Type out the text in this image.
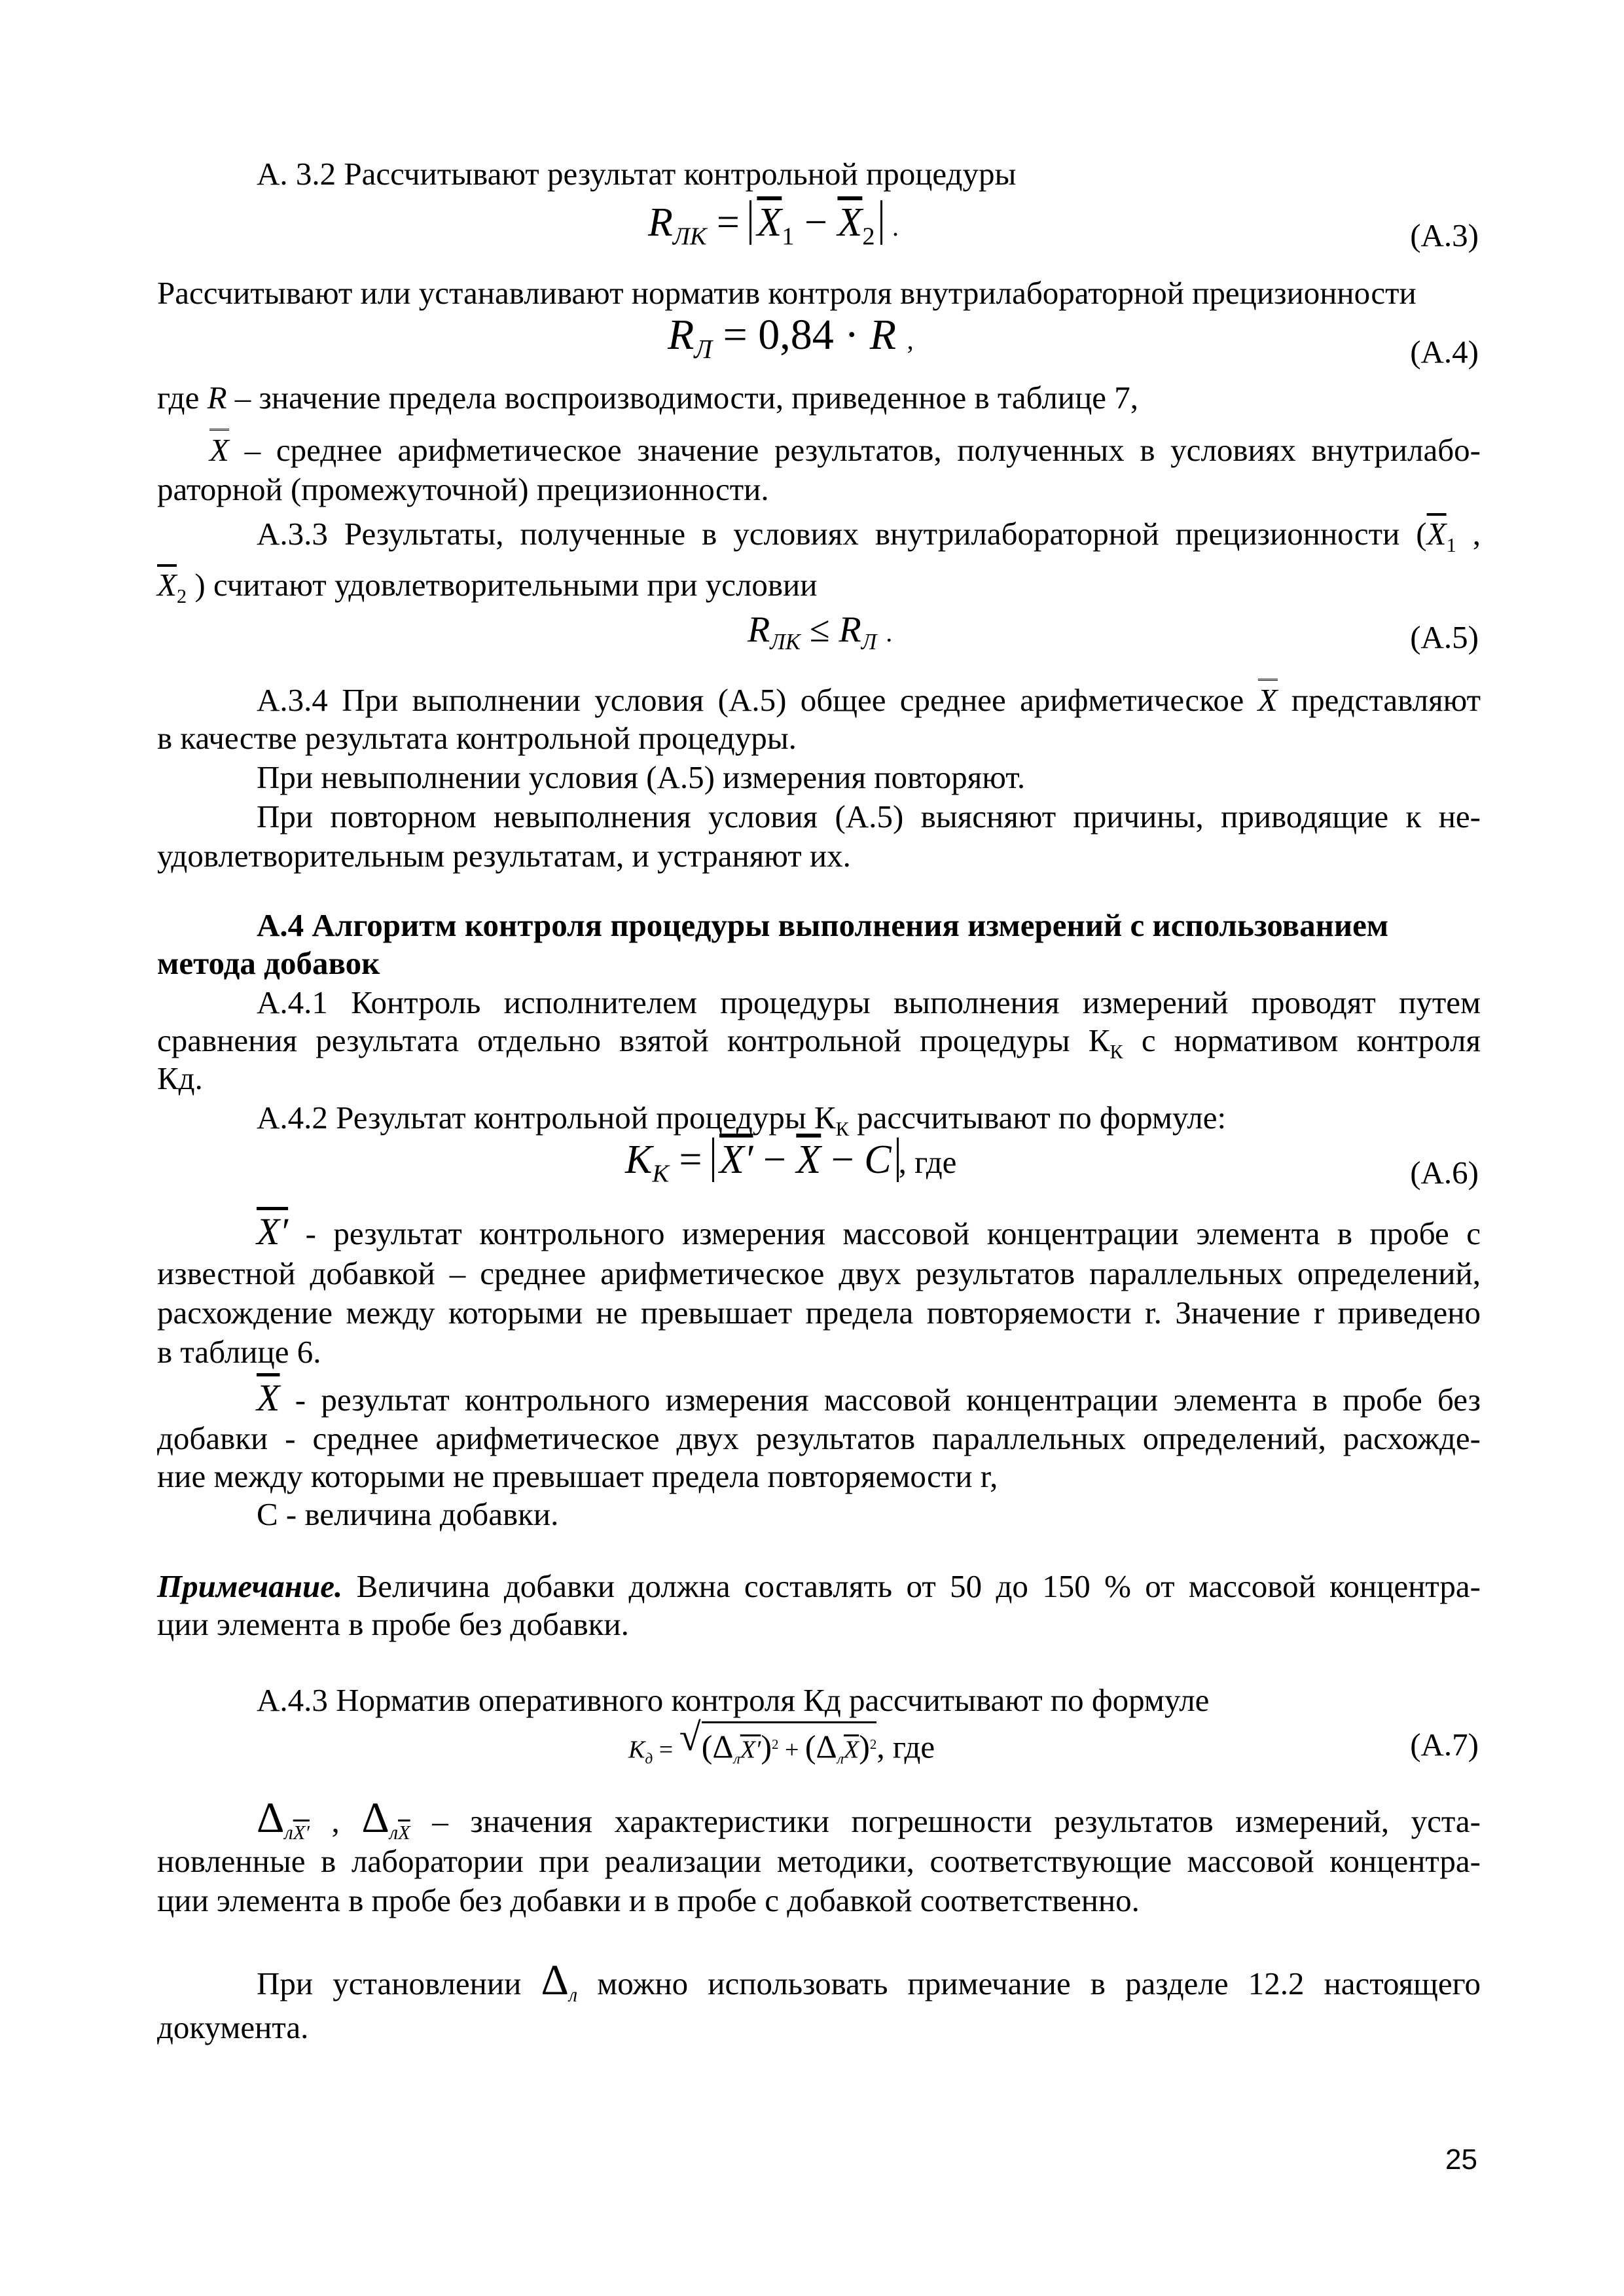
А. 3.2 Рассчитывают результат контрольной процедуры
$R_{ЛК} = \overline{X}_1 - \overline{X}_2$ .	(А.3)
Рассчитывают или устанавливают норматив контроля внутрилабораторной прецизионности
$R_Л = 0,84 \cdot R$ ,	(А.4)
где R – значение предела воспроизводимости, приведенное в таблице 7,
X – среднее арифметическое значение результатов, полученных в условиях внутрилабо-
раторной (промежуточной) прецизионности.
А.3.3 Результаты, полученные в условиях внутрилабораторной прецизионности ($\overline{X}_1$ ,
$\overline{X}_2$ ) считают удовлетворительными при условии
$R_{ЛК} \le R_Л$ .	(А.5)
А.3.4 При выполнении условия (А.5) общее среднее арифметическое X представляют
в качестве результата контрольной процедуры.
При невыполнении условия (А.5) измерения повторяют.
При повторном невыполнения условия (А.5) выясняют причины, приводящие к не-
удовлетворительным результатам, и устраняют их.
А.4 Алгоритм контроля процедуры выполнения измерений с использованием
метода добавок
А.4.1 Контроль исполнителем процедуры выполнения измерений проводят путем
сравнения результата отдельно взятой контрольной процедуры $К_К$ с нормативом контроля
Кд.
А.4.2 Результат контрольной процедуры $К_К$ рассчитывают по формуле:
$K_K = X' - \overline{X} - C$ , где	(А.6)
X′ - результат контрольного измерения массовой концентрации элемента в пробе с
известной добавкой – среднее арифметическое двух результатов параллельных определений,
расхождение между которыми не превышает предела повторяемости r. Значение r приведено
в таблице 6.
$\overline{X}$ - результат контрольного измерения массовой концентрации элемента в пробе без
добавки - среднее арифметическое двух результатов параллельных определений, расхожде-
ние между которыми не превышает предела повторяемости r,
С - величина добавки.
Примечание. Величина добавки должна составлять от 50 до 150 % от массовой концентра-
ции элемента в пробе без добавки.
А.4.3 Норматив оперативного контроля Кд рассчитывают по формуле
$K_д$ = √ $(\Delta_лX')^2 + (\Delta_л\overline{X})^2$, где	(А.7)
$\Delta_{лX'}$ , $\Delta_{л\overline{X}}$ – значения характеристики погрешности результатов измерений, уста-
новленные в лаборатории при реализации методики, соответствующие массовой концентра-
ции элемента в пробе без добавки и в пробе с добавкой соответственно.
При установлении $\Delta_л$ можно использовать примечание в разделе 12.2 настоящего
документа.
25
